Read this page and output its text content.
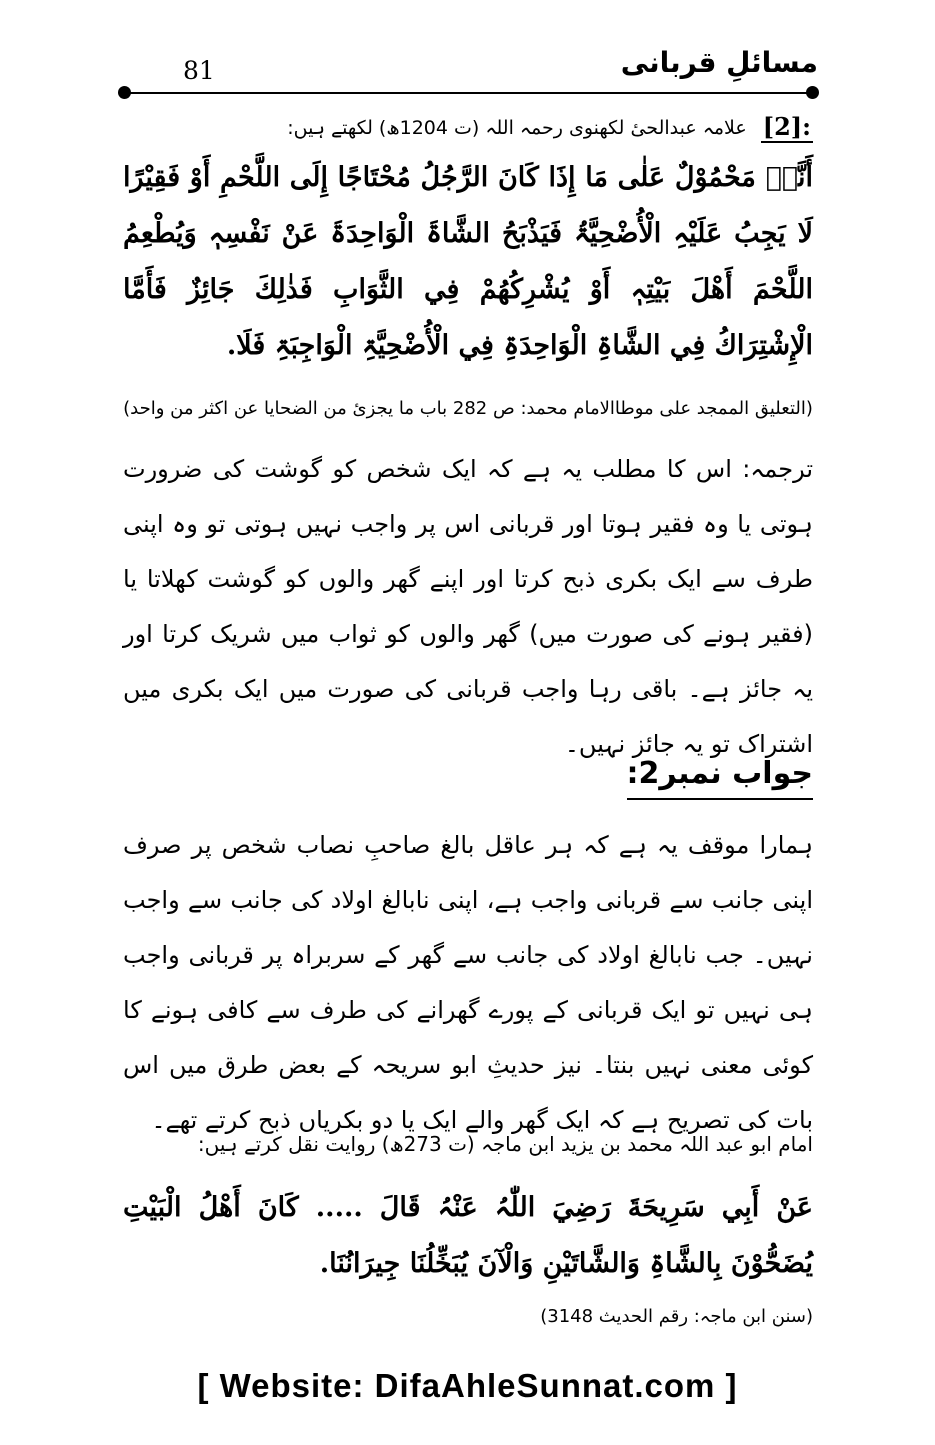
81	مسائلِ قربانی
[2]:
علامہ عبدالحیٔ لکھنوی رحمہ اللہ (ت 1204ھ) لکھتے ہیں:
أَنَّہٗ مَحْمُوْلٌ عَلٰی مَا إِذَا کَانَ الرَّجُلُ مُحْتَاجًا إِلَی اللَّحْمِ أَوْ فَقِيْرًا لَا يَجِبُ عَلَيْہِ الْأُضْحِيَّۃُ فَيَذْبَحُ الشَّاۃَ الْوَاحِدَۃَ عَنْ نَفْسِہٖ وَيُطْعِمُ اللَّحْمَ أَهْلَ بَيْتِہٖ أَوْ يُشْرِكُهُمْ فِي الثَّوَابِ فَذٰلِكَ جَائِزٌ فَأَمَّا الْإِشْتِرَاكُ فِي الشَّاۃِ الْوَاحِدَۃِ فِي الْأُضْحِيَّۃِ الْوَاجِبَۃِ فَلَا.
(التعلیق الممجد علی موطاالامام محمد: ص 282 باب ما یجزئ من الضحایا عن اکثر من واحد)
ترجمہ: اس کا مطلب یہ ہے کہ ایک شخص کو گوشت کی ضرورت ہوتی یا وہ فقیر ہوتا اور قربانی اس پر واجب نہیں ہوتی تو وہ اپنی طرف سے ایک بکری ذبح کرتا اور اپنے گھر والوں کو گوشت کھلاتا یا (فقیر ہونے کی صورت میں) گھر والوں کو ثواب میں شریک کرتا اور یہ جائز ہے۔ باقی رہا واجب قربانی کی صورت میں ایک بکری میں اشتراک تو یہ جائز نہیں۔
جواب نمبر2:
ہمارا موقف یہ ہے کہ ہر عاقل بالغ صاحبِ نصاب شخص پر صرف اپنی جانب سے قربانی واجب ہے، اپنی نابالغ اولاد کی جانب سے واجب نہیں۔ جب نابالغ اولاد کی جانب سے گھر کے سربراہ پر قربانی واجب ہی نہیں تو ایک قربانی کے پورے گھرانے کی طرف سے کافی ہونے کا کوئی معنی نہیں بنتا۔ نیز حدیثِ ابو سریحہ کے بعض طرق میں اس بات کی تصریح ہے کہ ایک گھر والے ایک یا دو بکریاں ذبح کرتے تھے۔
امام ابو عبد اللہ محمد بن یزید ابن ماجہ (ت 273ھ) روایت نقل کرتے ہیں:
عَنْ أَبِي سَرِيحَةَ رَضِيَ اللّٰہُ عَنْہُ قَالَ ..... كَانَ أَهْلُ الْبَيْتِ يُضَحُّوْنَ بِالشَّاۃِ وَالشَّاتَيْنِ وَالْآنَ يُبَخِّلُنَا جِيرَانُنَا.
(سنن ابن ماجہ: رقم الحدیث 3148)
[ Website: DifaAhleSunnat.com ]
